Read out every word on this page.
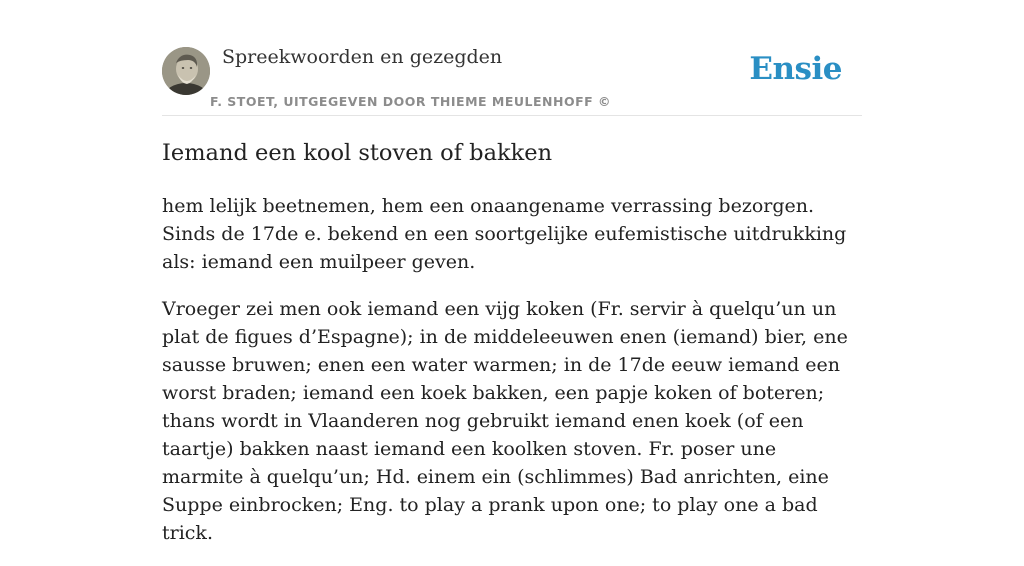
Spreekwoorden en gezegden
F. STOET, UITGEGEVEN DOOR THIEME MEULENHOFF ©
Ensie
Iemand een kool stoven of bakken

hem lelijk beetnemen, hem een onaangename verrassing bezorgen. Sinds de 17de e. bekend en een soortgelijke eufemistische uitdrukking als: iemand een muilpeer geven.

Vroeger zei men ook iemand een vijg koken (Fr. servir à quelqu’un un plat de figues d’Espagne); in de middeleeuwen enen (iemand) bier, ene sausse bruwen; enen een water warmen; in de 17de eeuw iemand een worst braden; iemand een koek bakken, een papje koken of boteren; thans wordt in Vlaanderen nog gebruikt iemand enen koek (of een taartje) bakken naast iemand een koolken stoven. Fr. poser une marmite à quelqu’un; Hd. einem ein (schlimmes) Bad anrichten, eine Suppe einbrocken; Eng. to play a prank upon one; to play one a bad trick.
